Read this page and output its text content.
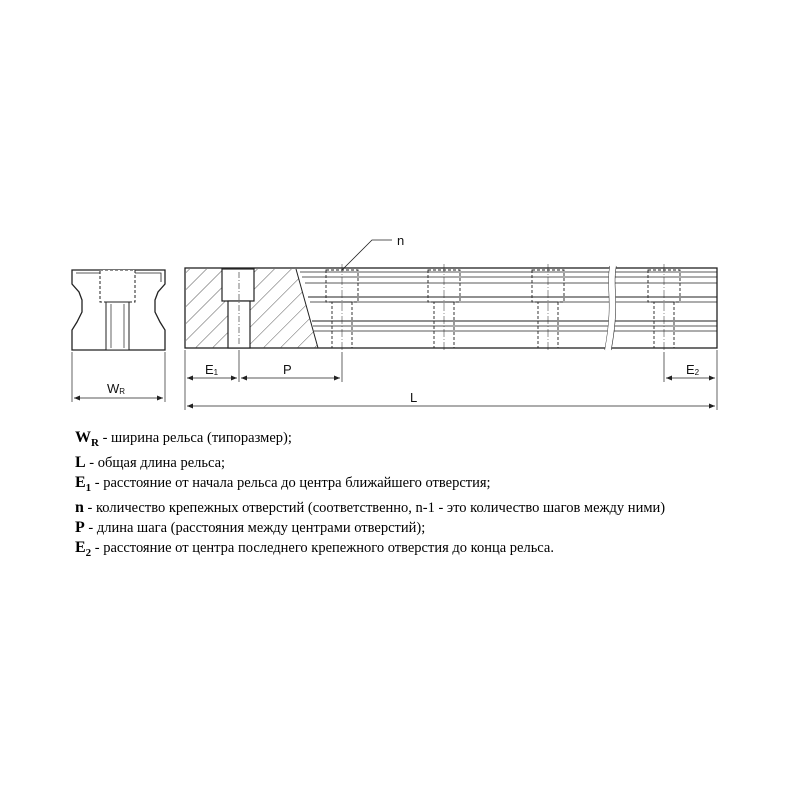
WR
n
E1	P	E2
L
$W_R$ - ширина рельса (типоразмер);
L - общая длина рельса;
$E_1$ - расстояние от начала рельса до центра ближайшего отверстия;
n - количество крепежных отверстий (соответственно, n-1 - это количество шагов между ними)
P - длина шага (расстояния между центрами отверстий);
$E_2$ - расстояние от центра последнего крепежного отверстия до конца рельса.
